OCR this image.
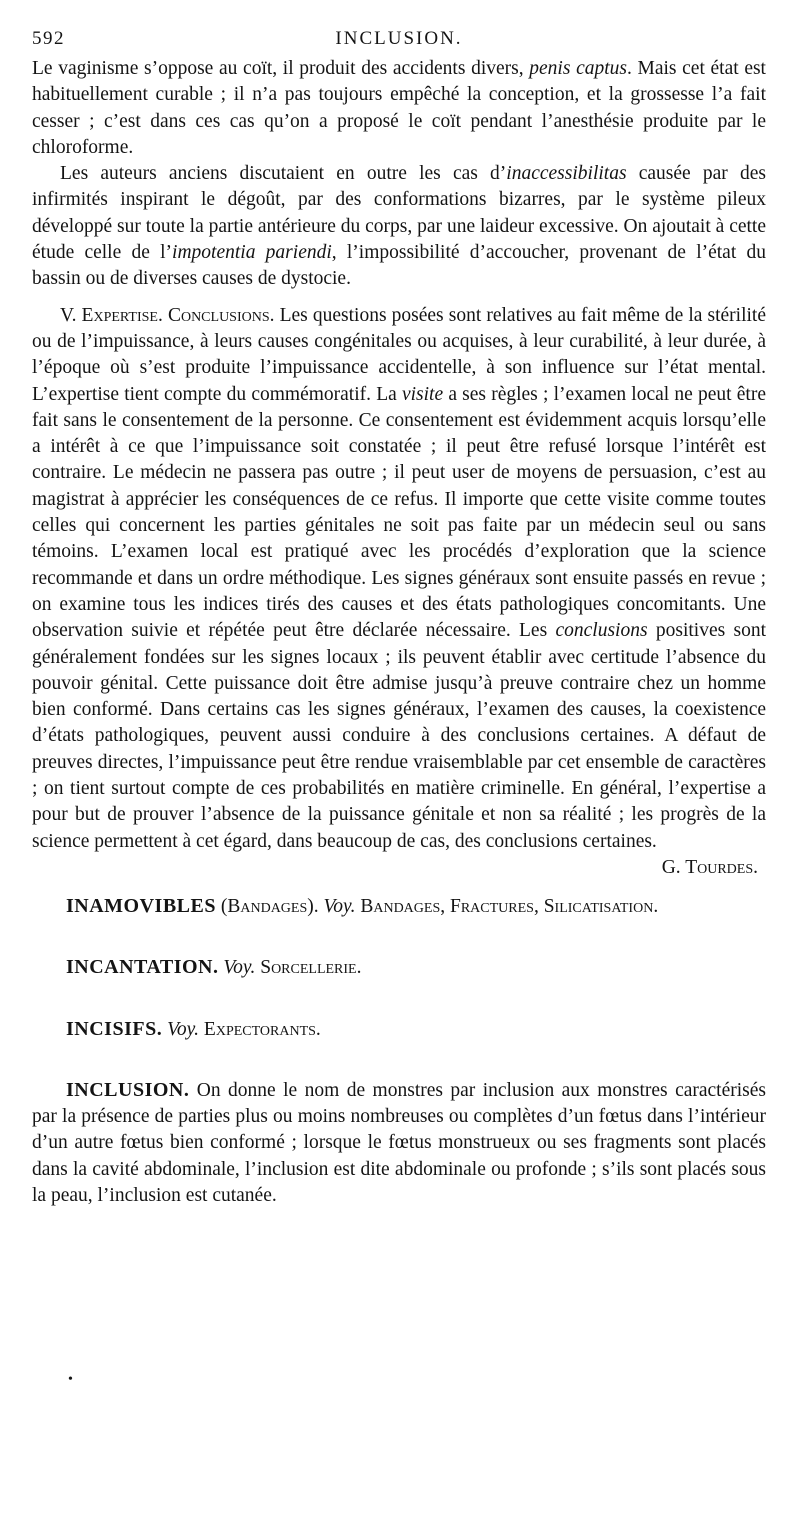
592	INCLUSION.

Le vaginisme s’oppose au coït, il produit des accidents divers, penis captus. Mais cet état est habituellement curable ; il n’a pas toujours empêché la conception, et la grossesse l’a fait cesser ; c’est dans ces cas qu’on a proposé le coït pendant l’anesthésie produite par le chloroforme.

Les auteurs anciens discutaient en outre les cas d’inaccessibilitas causée par des infirmités inspirant le dégoût, par des conformations bizarres, par le système pileux développé sur toute la partie antérieure du corps, par une laideur excessive. On ajoutait à cette étude celle de l’impotentia pariendi, l’impossibilité d’accoucher, provenant de l’état du bassin ou de diverses causes de dystocie.

V. Expertise. Conclusions. Les questions posées sont relatives au fait même de la stérilité ou de l’impuissance, à leurs causes congénitales ou acquises, à leur curabilité, à leur durée, à l’époque où s’est produite l’impuissance accidentelle, à son influence sur l’état mental. L’expertise tient compte du commémoratif. La visite a ses règles ; l’examen local ne peut être fait sans le consentement de la personne. Ce consentement est évidemment acquis lorsqu’elle a intérêt à ce que l’impuissance soit constatée ; il peut être refusé lorsque l’intérêt est contraire. Le médecin ne passera pas outre ; il peut user de moyens de persuasion, c’est au magistrat à apprécier les conséquences de ce refus. Il importe que cette visite comme toutes celles qui concernent les parties génitales ne soit pas faite par un médecin seul ou sans témoins. L’examen local est pratiqué avec les procédés d’exploration que la science recommande et dans un ordre méthodique. Les signes généraux sont ensuite passés en revue ; on examine tous les indices tirés des causes et des états pathologiques concomitants. Une observation suivie et répétée peut être déclarée nécessaire. Les conclusions positives sont généralement fondées sur les signes locaux ; ils peuvent établir avec certitude l’absence du pouvoir génital. Cette puissance doit être admise jusqu’à preuve contraire chez un homme bien conformé. Dans certains cas les signes généraux, l’examen des causes, la coexistence d’états pathologiques, peuvent aussi conduire à des conclusions certaines. A défaut de preuves directes, l’impuissance peut être rendue vraisemblable par cet ensemble de caractères ; on tient surtout compte de ces probabilités en matière criminelle. En général, l’expertise a pour but de prouver l’absence de la puissance génitale et non sa réalité ; les progrès de la science permettent à cet égard, dans beaucoup de cas, des conclusions certaines.
G. Tourdes.

INAMOVIBLES (Bandages). Voy. Bandages, Fractures, Silicatisation.

INCANTATION. Voy. Sorcellerie.

INCISIFS. Voy. Expectorants.

INCLUSION. On donne le nom de monstres par inclusion aux monstres caractérisés par la présence de parties plus ou moins nombreuses ou complètes d’un fœtus dans l’intérieur d’un autre fœtus bien conformé ; lorsque le fœtus monstrueux ou ses fragments sont placés dans la cavité abdominale, l’inclusion est dite abdominale ou profonde ; s’ils sont placés sous la peau, l’inclusion est cutanée.

•
